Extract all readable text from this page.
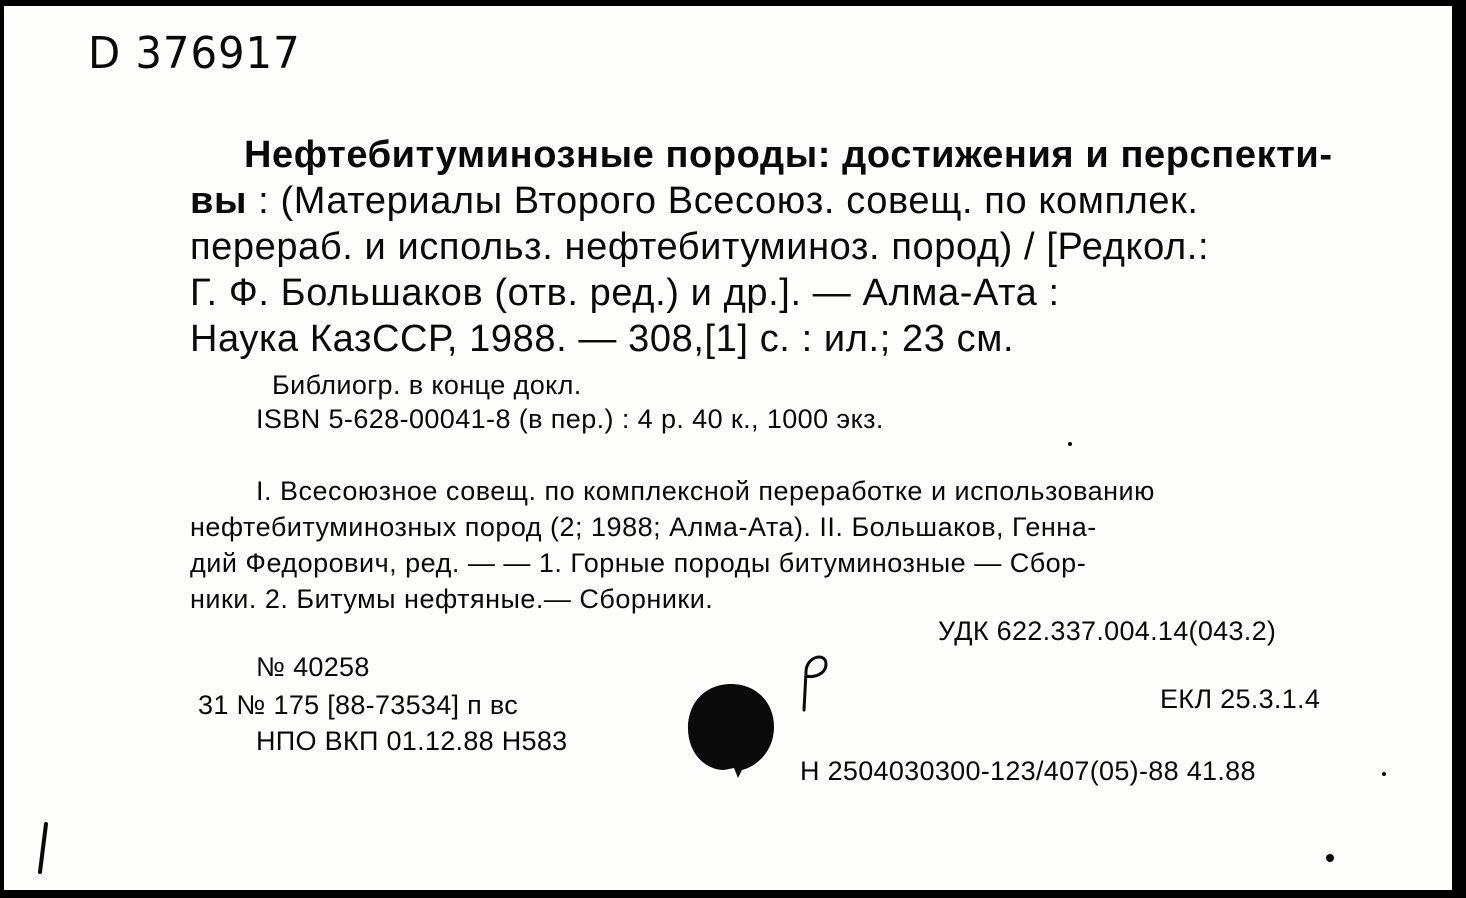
D 376917
Нефтебитуминозные породы: достижения и перспекти-
вы : (Материалы Второго Всесоюз. совещ. по комплек.
перераб. и использ. нефтебитуминоз. пород) / [Редкол.:
Г. Ф. Большаков (отв. ред.) и др.]. — Алма-Ата :
Наука КазССР, 1988. — 308,[1] с. : ил.; 23 см.
Библиогр. в конце докл.
ISBN 5-628-00041-8 (в пер.) : 4 р. 40 к., 1000 экз.
I. Всесоюзное совещ. по комплексной переработке и использованию
нефтебитуминозных пород (2; 1988; Алма-Ата). II. Большаков, Генна-
дий Федорович, ред. — — 1. Горные породы битуминозные — Сбор-
ники. 2. Битумы нефтяные.— Сборники.
УДК 622.337.004.14(043.2)
№ 40258
31 № 175 [88-73534] п вс	ЕКЛ 25.3.1.4
НПО ВКП 01.12.88 Н583
Н 2504030300-123/407(05)-88 41.88
